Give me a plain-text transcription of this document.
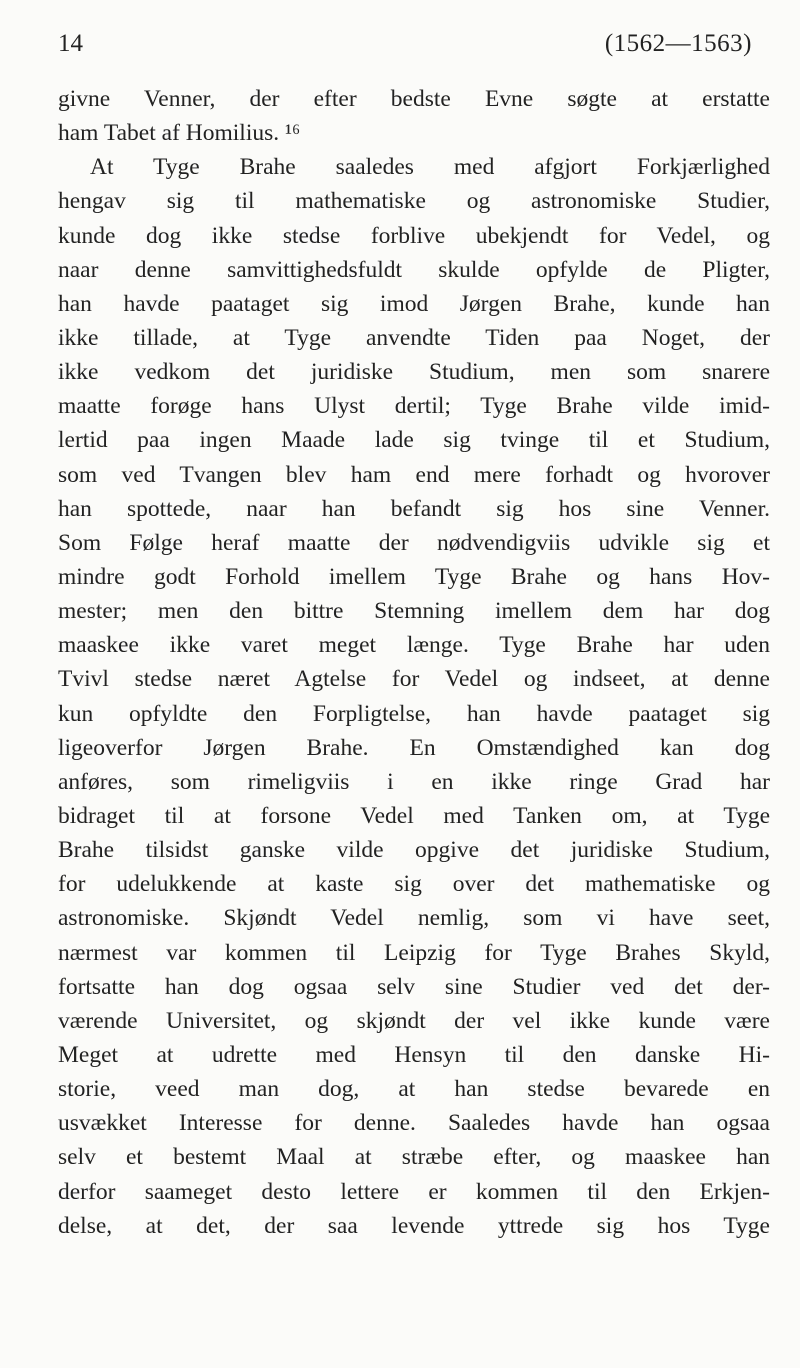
14	(1562—1563)
givne Venner, der efter bedste Evne søgte at erstatte
ham Tabet af Homilius. ¹⁶
At Tyge Brahe saaledes med afgjort Forkjærlighed
hengav sig til mathematiske og astronomiske Studier,
kunde dog ikke stedse forblive ubekjendt for Vedel, og
naar denne samvittighedsfuldt skulde opfylde de Pligter,
han havde paataget sig imod Jørgen Brahe, kunde han
ikke tillade, at Tyge anvendte Tiden paa Noget, der
ikke vedkom det juridiske Studium, men som snarere
maatte forøge hans Ulyst dertil; Tyge Brahe vilde imid-
lertid paa ingen Maade lade sig tvinge til et Studium,
som ved Tvangen blev ham end mere forhadt og hvorover
han spottede, naar han befandt sig hos sine Venner.
Som Følge heraf maatte der nødvendigviis udvikle sig et
mindre godt Forhold imellem Tyge Brahe og hans Hov-
mester; men den bittre Stemning imellem dem har dog
maaskee ikke varet meget længe. Tyge Brahe har uden
Tvivl stedse næret Agtelse for Vedel og indseet, at denne
kun opfyldte den Forpligtelse, han havde paataget sig
ligeoverfor Jørgen Brahe. En Omstændighed kan dog
anføres, som rimeligviis i en ikke ringe Grad har
bidraget til at forsone Vedel med Tanken om, at Tyge
Brahe tilsidst ganske vilde opgive det juridiske Studium,
for udelukkende at kaste sig over det mathematiske og
astronomiske. Skjøndt Vedel nemlig, som vi have seet,
nærmest var kommen til Leipzig for Tyge Brahes Skyld,
fortsatte han dog ogsaa selv sine Studier ved det der-
værende Universitet, og skjøndt der vel ikke kunde være
Meget at udrette med Hensyn til den danske Hi-
storie, veed man dog, at han stedse bevarede en
usvækket Interesse for denne. Saaledes havde han ogsaa
selv et bestemt Maal at stræbe efter, og maaskee han
derfor saameget desto lettere er kommen til den Erkjen-
delse, at det, der saa levende yttrede sig hos Tyge
